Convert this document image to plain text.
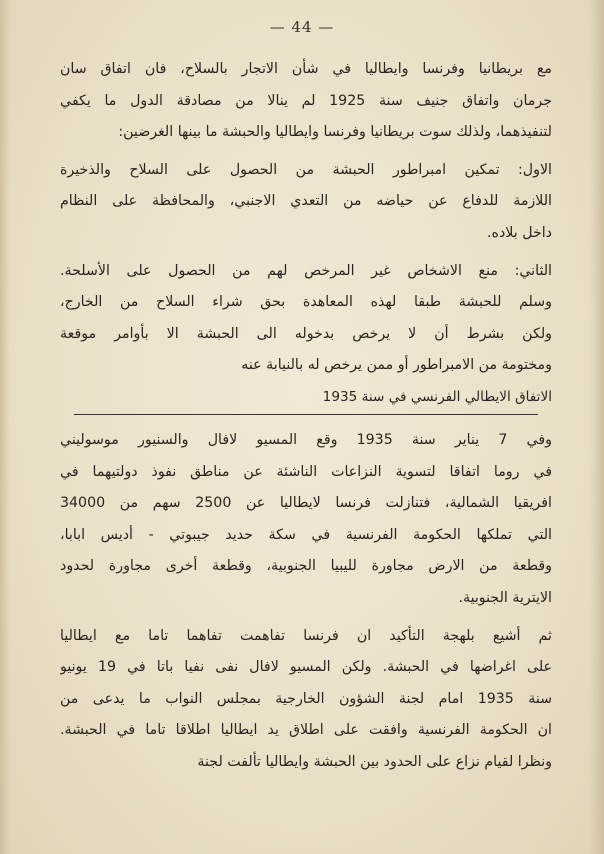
— 44 —
مع بريطانيا وفرنسا وايطاليا في شأن الاتجار بالسلاح، فان اتفاق سان
جرمان واتفاق جنيف سنة 1925 لم ينالا من مصادقة الدول ما يكفي
لتنفيذهما، ولذلك سوت بريطانيا وفرنسا وايطاليا والحبشة ما بينها الغرضين:
الاول: تمكين امبراطور الحبشة من الحصول على السلاح والذخيرة
اللازمة للدفاع عن حياضه من التعدي الاجنبي، والمحافظة على النظام
داخل بلاده.
الثاني: منع الاشخاص غير المرخص لهم من الحصول على الأسلحة.
وسلم للحبشة طبقا لهذه المعاهدة بحق شراء السلاح من الخارج،
ولكن بشرط أن لا يرخص بدخوله الى الحبشة الا بأوامر موقعة
ومختومة من الامبراطور أو ممن يرخص له بالنيابة عنه
الاتفاق الايطالي الفرنسي في سنة 1935
وفي 7 يناير سنة 1935 وقع المسيو لافال والسنيور موسوليني
في روما اتفاقا لتسوية النزاعات الناشئة عن مناطق نفوذ دولتيهما في
افريقيا الشمالية، فتنازلت فرنسا لايطاليا عن 2500 سهم من 34000
التي تملكها الحكومة الفرنسية في سكة حديد جيبوتي - أديس ابابا،
وقطعة من الارض مجاورة لليبيا الجنوبية، وقطعة أخرى مجاورة لحدود
الايترية الجنوبية.
ثم أشيع بلهجة التأكيد ان فرنسا تفاهمت تفاهما تاما مع ايطاليا
على اغراضها في الحبشة. ولكن المسيو لافال نفى نفيا باتا في 19 يونيو
سنة 1935 امام لجنة الشؤون الخارجية بمجلس النواب ما يدعى من
ان الحكومة الفرنسية وافقت على اطلاق يد ايطاليا اطلاقا تاما في الحبشة.
ونظرا لقيام نزاع على الحدود بين الحبشة وايطاليا تألفت لجنة
